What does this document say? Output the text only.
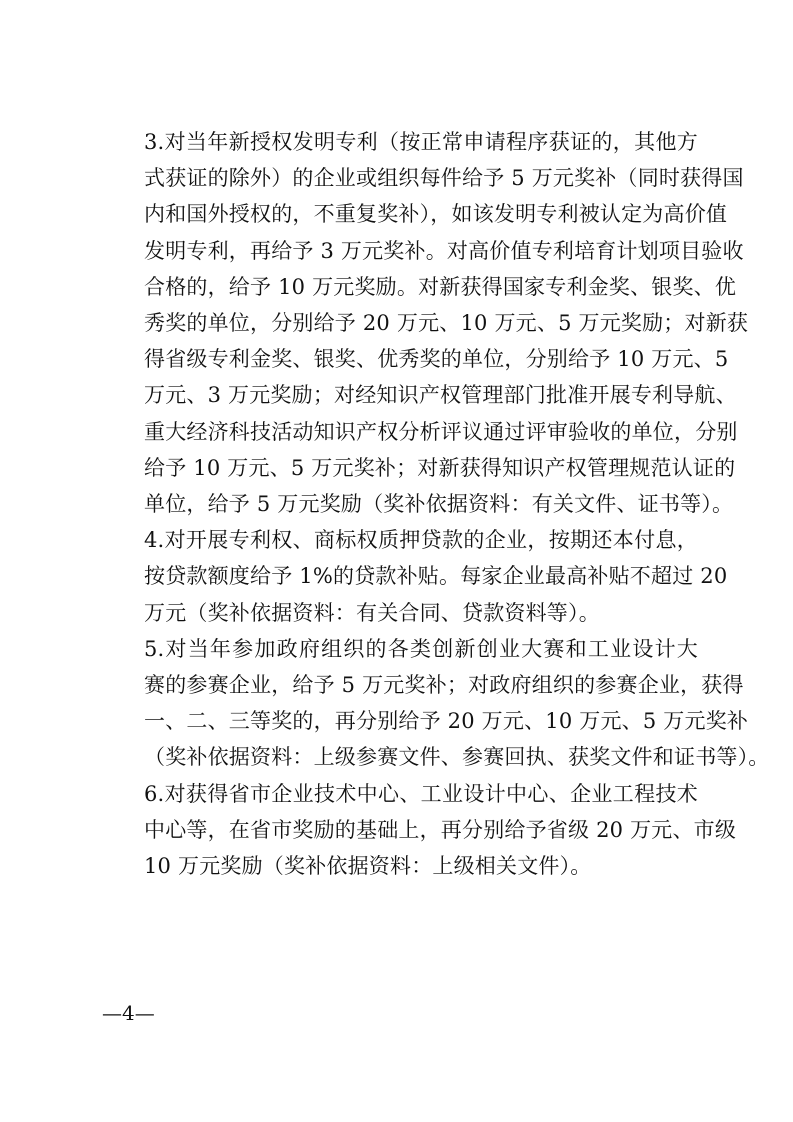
3.对当年新授权发明专利（按正常申请程序获证的，其他方
式获证的除外）的企业或组织每件给予 5 万元奖补（同时获得国
内和国外授权的，不重复奖补），如该发明专利被认定为高价值
发明专利，再给予 3 万元奖补。对高价值专利培育计划项目验收
合格的，给予 10 万元奖励。对新获得国家专利金奖、银奖、优
秀奖的单位，分别给予 20 万元、10 万元、5 万元奖励；对新获
得省级专利金奖、银奖、优秀奖的单位，分别给予 10 万元、5
万元、3 万元奖励；对经知识产权管理部门批准开展专利导航、
重大经济科技活动知识产权分析评议通过评审验收的单位，分别
给予 10 万元、5 万元奖补；对新获得知识产权管理规范认证的
单位，给予 5 万元奖励（奖补依据资料：有关文件、证书等）。

4.对开展专利权、商标权质押贷款的企业，按期还本付息，
按贷款额度给予 1%的贷款补贴。每家企业最高补贴不超过 20
万元（奖补依据资料：有关合同、贷款资料等）。

5.对当年参加政府组织的各类创新创业大赛和工业设计大
赛的参赛企业，给予 5 万元奖补；对政府组织的参赛企业，获得
一、二、三等奖的，再分别给予 20 万元、10 万元、5 万元奖补
（奖补依据资料：上级参赛文件、参赛回执、获奖文件和证书等）。

6.对获得省市企业技术中心、工业设计中心、企业工程技术
中心等，在省市奖励的基础上，再分别给予省级 20 万元、市级
10 万元奖励（奖补依据资料：上级相关文件）。

—4—
